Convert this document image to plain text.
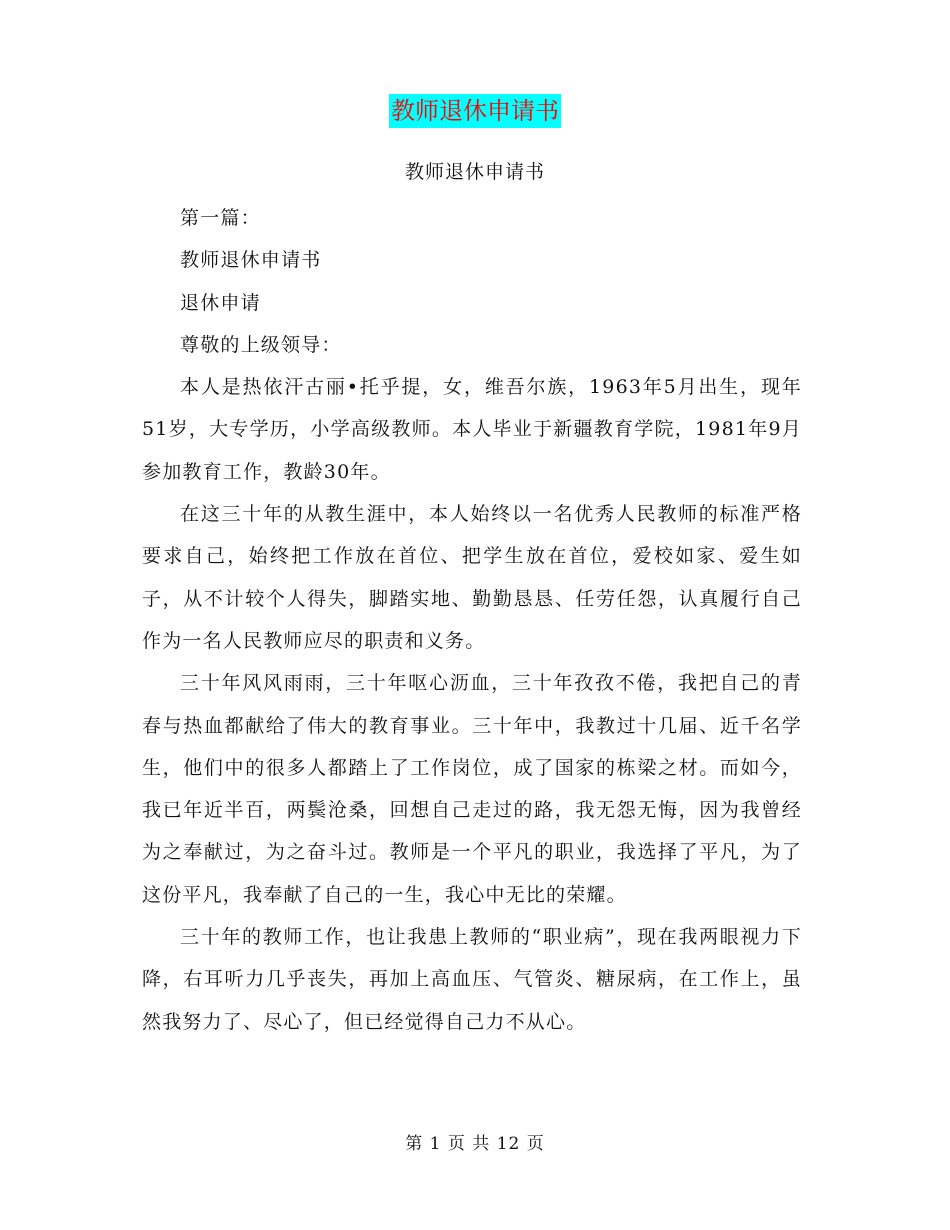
教师退休申请书
教师退休申请书

第一篇：

教师退休申请书

退休申请

尊敬的上级领导：

本人是热依汗古丽•托乎提，女，维吾尔族，1963年5月出生，现年51岁，大专学历，小学高级教师。本人毕业于新疆教育学院，1981年9月参加教育工作，教龄30年。

在这三十年的从教生涯中，本人始终以一名优秀人民教师的标准严格要求自己，始终把工作放在首位、把学生放在首位，爱校如家、爱生如子，从不计较个人得失，脚踏实地、勤勤恳恳、任劳任怨，认真履行自己作为一名人民教师应尽的职责和义务。

三十年风风雨雨，三十年呕心沥血，三十年孜孜不倦，我把自己的青春与热血都献给了伟大的教育事业。三十年中，我教过十几届、近千名学生，他们中的很多人都踏上了工作岗位，成了国家的栋梁之材。而如今，我已年近半百，两鬓沧桑，回想自己走过的路，我无怨无悔，因为我曾经为之奉献过，为之奋斗过。教师是一个平凡的职业，我选择了平凡，为了这份平凡，我奉献了自己的一生，我心中无比的荣耀。

三十年的教师工作，也让我患上教师的“职业病”，现在我两眼视力下降，右耳听力几乎丧失，再加上高血压、气管炎、糖尿病，在工作上，虽然我努力了、尽心了，但已经觉得自己力不从心。

第 1 页 共 12 页
